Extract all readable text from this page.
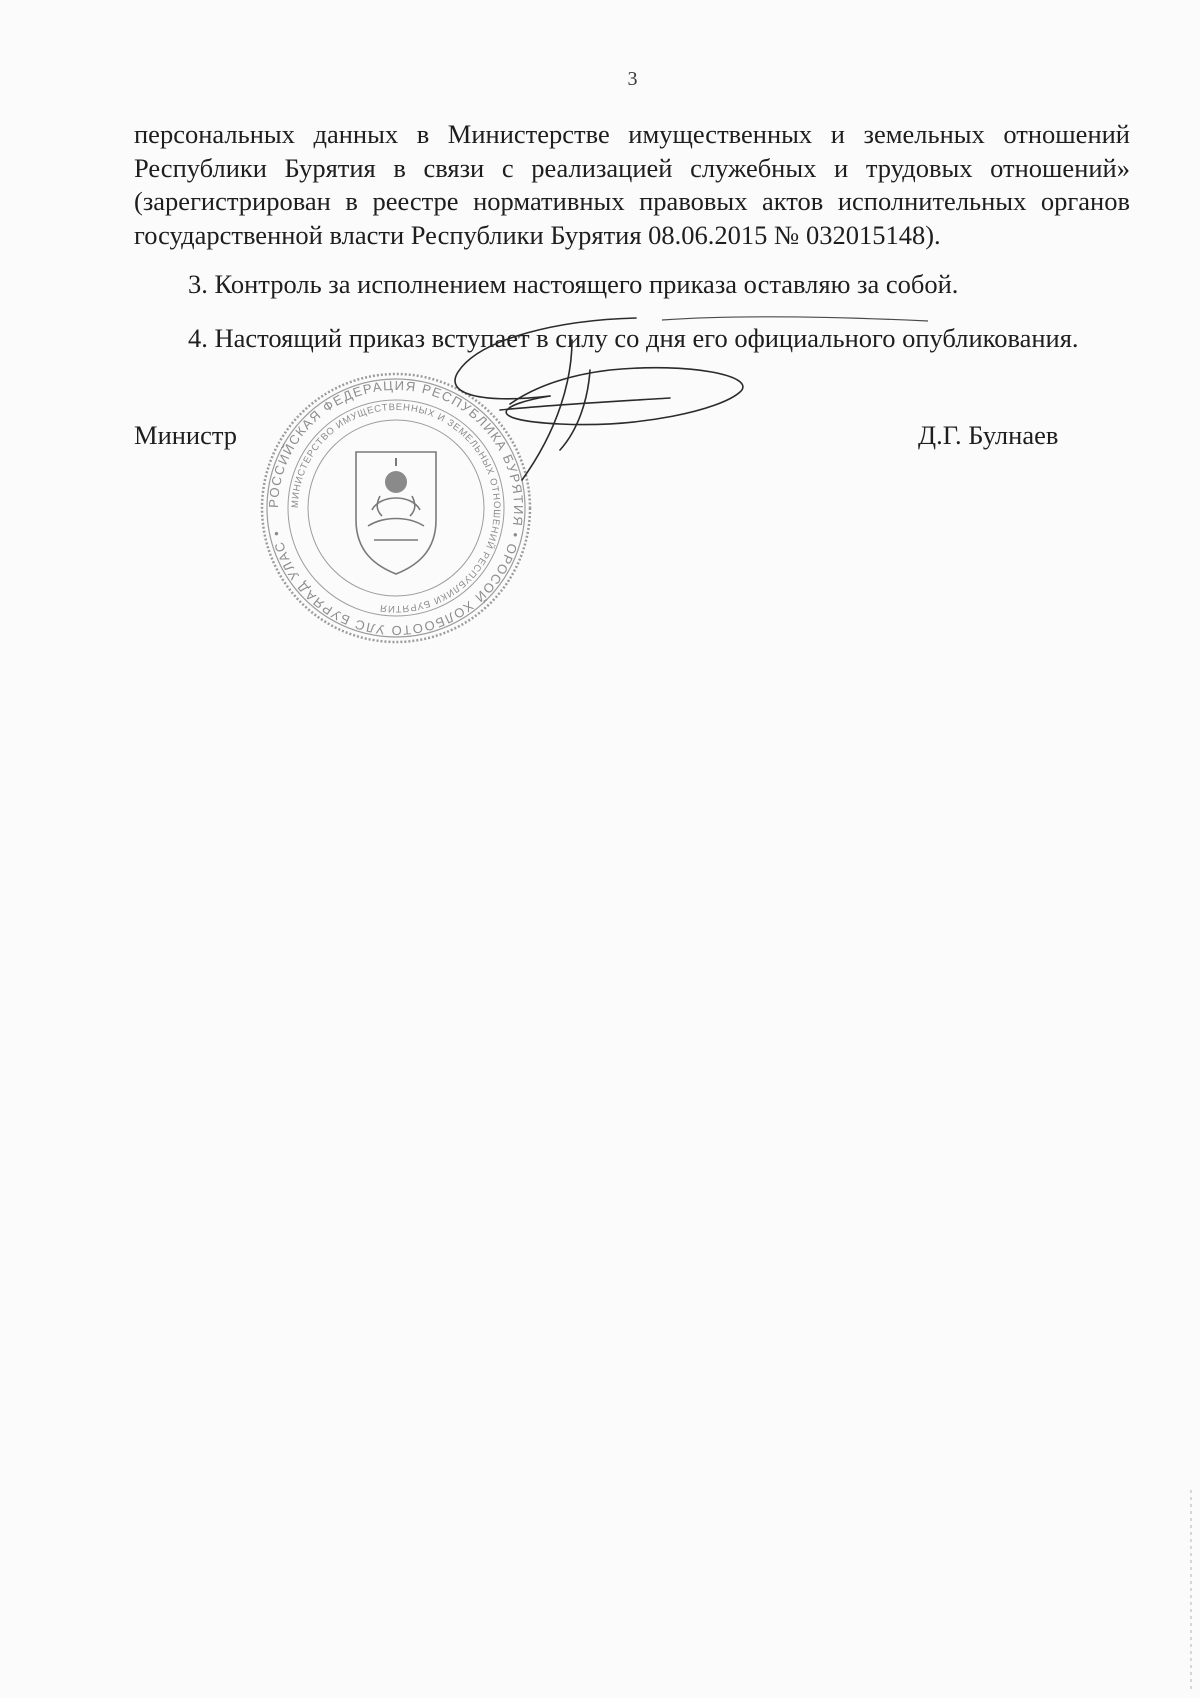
3

персональных данных в Министерстве имущественных и земельных отношений Республики Бурятия в связи с реализацией служебных и трудовых отношений» (зарегистрирован в реестре нормативных правовых актов исполнительных органов государственной власти Республики Бурятия 08.06.2015 № 032015148).

3. Контроль за исполнением настоящего приказа оставляю за собой.

4. Настоящий приказ вступает в силу со дня его официального опубликования.

Министр	Д.Г. Булнаев
РОССИЙСКАЯ ФЕДЕРАЦИЯ РЕСПУБЛИКА БУРЯТИЯ • ОРОСОЙ ХОЛБООТО УЛС БУРЯАД УЛАС •
МИНИСТЕРСТВО ИМУЩЕСТВЕННЫХ И ЗЕМЕЛЬНЫХ ОТНОШЕНИЙ РЕСПУБЛИКИ БУРЯТИЯ
